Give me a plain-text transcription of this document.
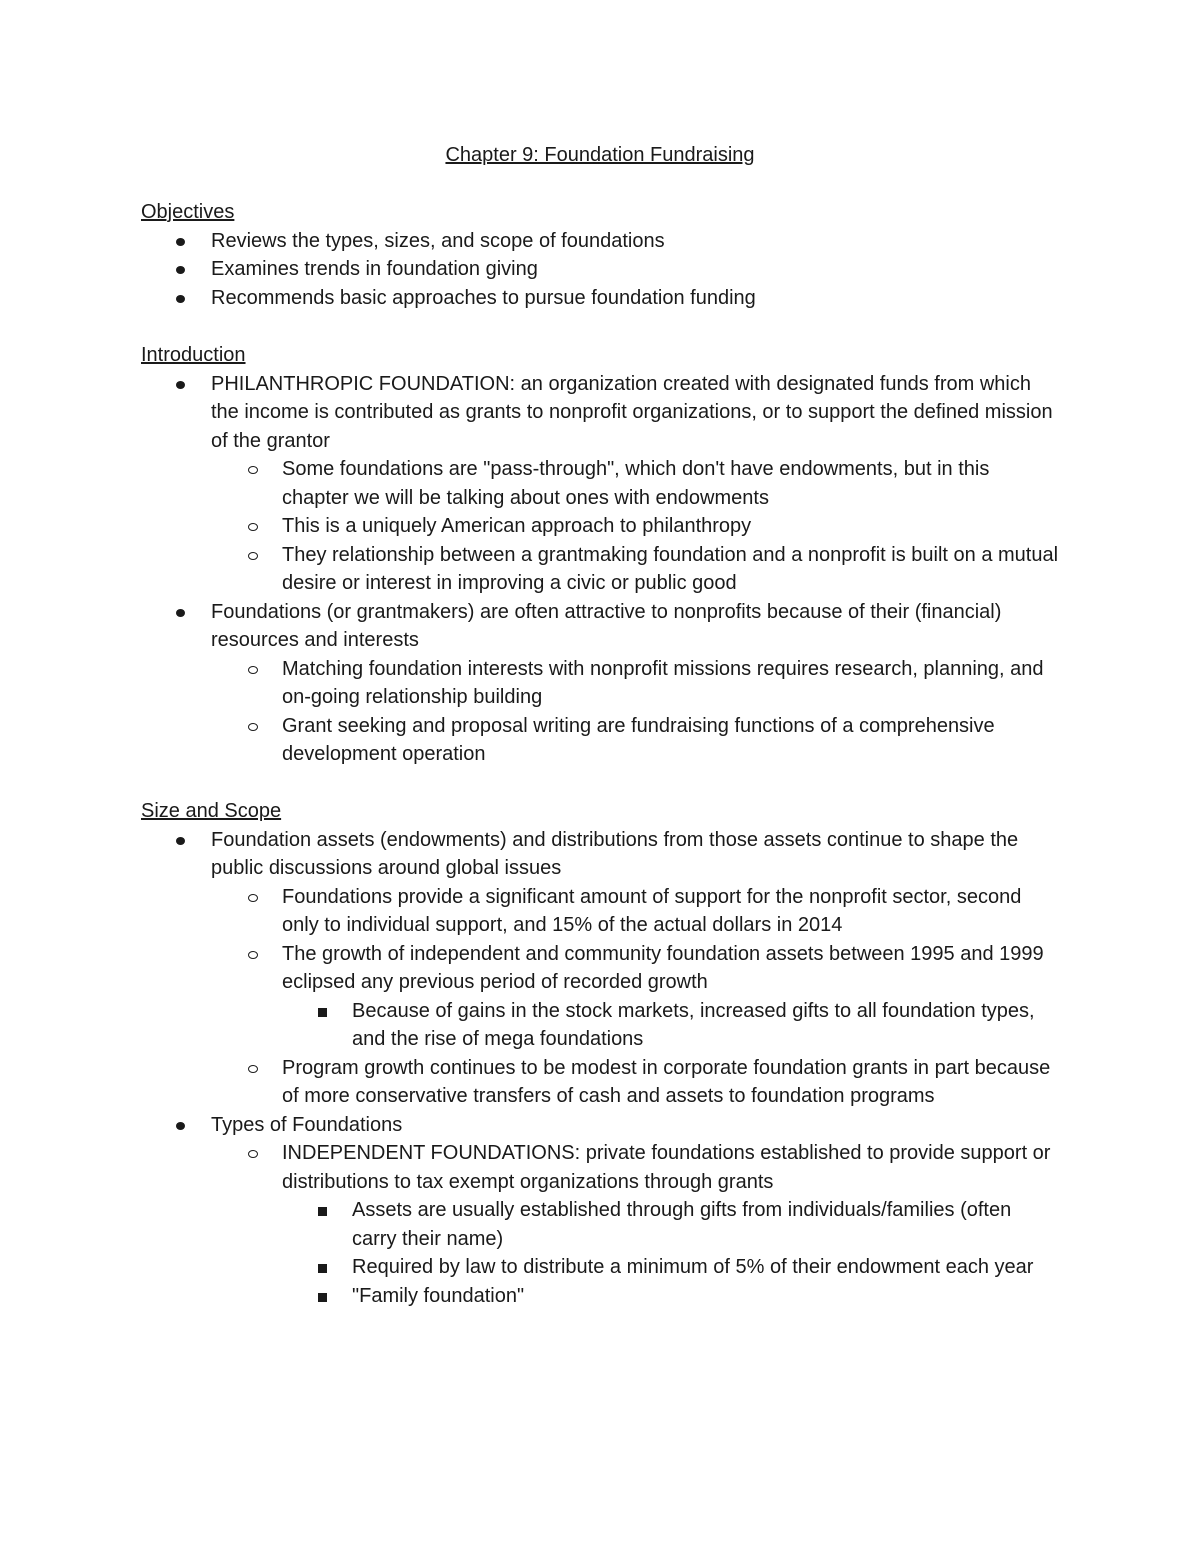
Chapter 9: Foundation Fundraising
Objectives
Reviews the types, sizes, and scope of foundations
Examines trends in foundation giving
Recommends basic approaches to pursue foundation funding
Introduction
PHILANTHROPIC FOUNDATION: an organization created with designated funds from which the income is contributed as grants to nonprofit organizations, or to support the defined mission of the grantor
Some foundations are "pass-through", which don't have endowments, but in this chapter we will be talking about ones with endowments
This is a uniquely American approach to philanthropy
They relationship between a grantmaking foundation and a nonprofit is built on a mutual desire or interest in improving a civic or public good
Foundations (or grantmakers) are often attractive to nonprofits because of their (financial) resources and interests
Matching foundation interests with nonprofit missions requires research, planning, and on-going relationship building
Grant seeking and proposal writing are fundraising functions of a comprehensive development operation
Size and Scope
Foundation assets (endowments) and distributions from those assets continue to shape the public discussions around global issues
Foundations provide a significant amount of support for the nonprofit sector, second only to individual support, and 15% of the actual dollars in 2014
The growth of independent and community foundation assets between 1995 and 1999 eclipsed any previous period of recorded growth
Because of gains in the stock markets, increased gifts to all foundation types, and the rise of mega foundations
Program growth continues to be modest in corporate foundation grants in part because of more conservative transfers of cash and assets to foundation programs
Types of Foundations
INDEPENDENT FOUNDATIONS: private foundations established to provide support or distributions to tax exempt organizations through grants
Assets are usually established through gifts from individuals/families (often carry their name)
Required by law to distribute a minimum of 5% of their endowment each year
"Family foundation"
